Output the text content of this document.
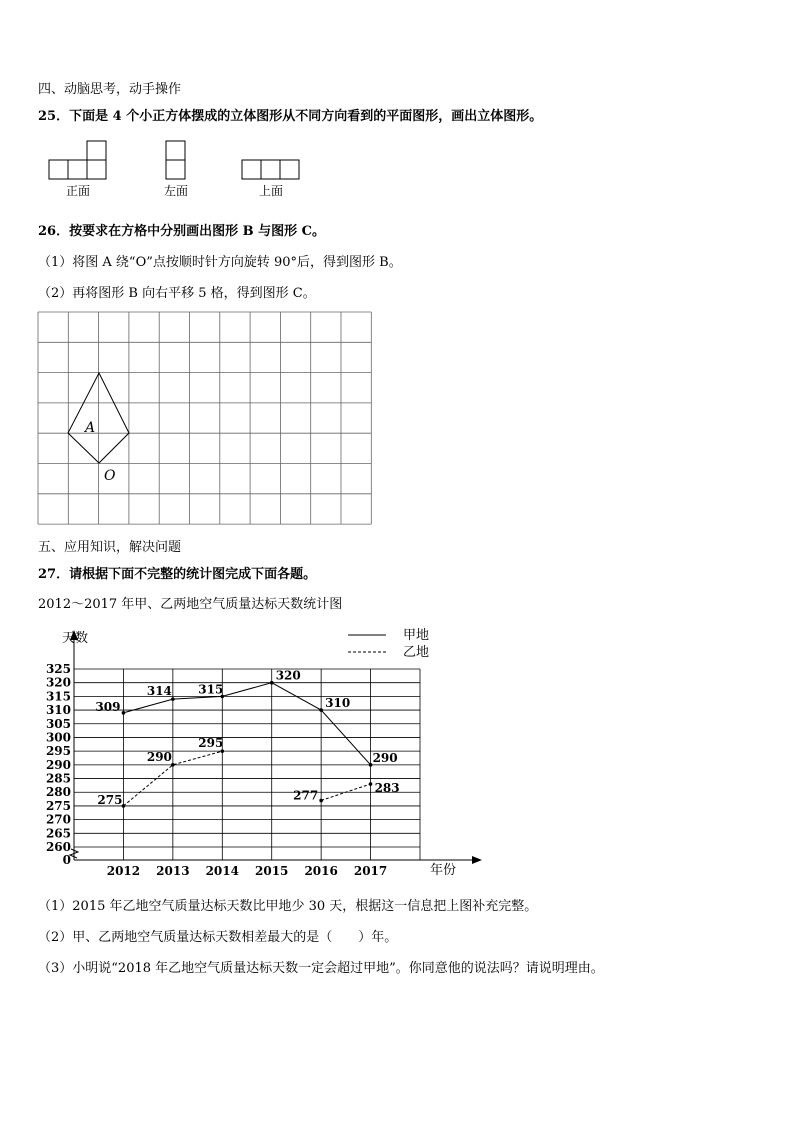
四、动脑思考，动手操作
25．下面是 4 个小正方体摆成的立体图形从不同方向看到的平面图形，画出立体图形。
正面	左面	上面
26．按要求在方格中分别画出图形 B 与图形 C。
（1）将图 A 绕“O”点按顺时针方向旋转 90°后，得到图形 B。
（2）再将图形 B 向右平移 5 格，得到图形 C。
A
O
五、应用知识，解决问题
27．请根据下面不完整的统计图完成下面各题。
2012～2017 年甲、乙两地空气质量达标天数统计图
0
260
265
270
275
280
285
290
295
300
305
310
315
320
325
2012 2013 2014 2015 2016 2017
309
314 315
320
310
290
275
290
295
277
283
甲地
乙地
天数
年份
（1）2015 年乙地空气质量达标天数比甲地少 30 天，根据这一信息把上图补充完整。
（2）甲、乙两地空气质量达标天数相差最大的是（　　）年。
（3）小明说“2018 年乙地空气质量达标天数一定会超过甲地”。你同意他的说法吗？请说明理由。
